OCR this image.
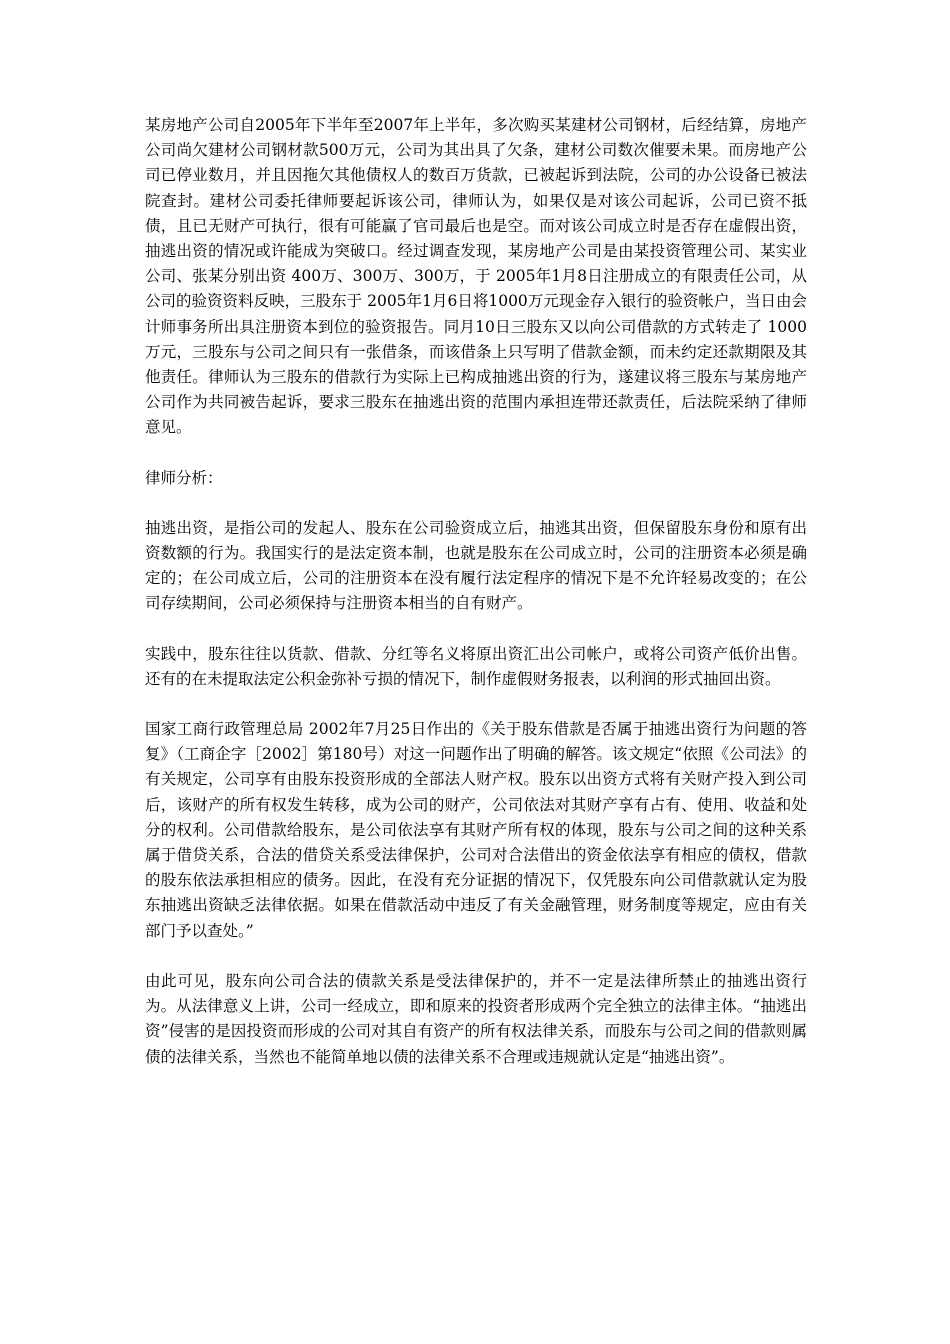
某房地产公司自2005年下半年至2007年上半年，多次购买某建材公司钢材，后经结算，房地产公司尚欠建材公司钢材款500万元，公司为其出具了欠条，建材公司数次催要未果。而房地产公司已停业数月，并且因拖欠其他债权人的数百万货款，已被起诉到法院，公司的办公设备已被法院查封。建材公司委托律师要起诉该公司，律师认为，如果仅是对该公司起诉，公司已资不抵债，且已无财产可执行，很有可能赢了官司最后也是空。而对该公司成立时是否存在虚假出资，抽逃出资的情况或许能成为突破口。经过调查发现，某房地产公司是由某投资管理公司、某实业公司、张某分别出资 400万、300万、300万，于 2005年1月8日注册成立的有限责任公司，从公司的验资资料反映，三股东于 2005年1月6日将1000万元现金存入银行的验资帐户，当日由会计师事务所出具注册资本到位的验资报告。同月10日三股东又以向公司借款的方式转走了 1000万元，三股东与公司之间只有一张借条，而该借条上只写明了借款金额，而未约定还款期限及其他责任。律师认为三股东的借款行为实际上已构成抽逃出资的行为，遂建议将三股东与某房地产公司作为共同被告起诉，要求三股东在抽逃出资的范围内承担连带还款责任，后法院采纳了律师意见。

律师分析：

抽逃出资，是指公司的发起人、股东在公司验资成立后，抽逃其出资，但保留股东身份和原有出资数额的行为。我国实行的是法定资本制，也就是股东在公司成立时，公司的注册资本必须是确定的；在公司成立后，公司的注册资本在没有履行法定程序的情况下是不允许轻易改变的；在公司存续期间，公司必须保持与注册资本相当的自有财产。

实践中，股东往往以货款、借款、分红等名义将原出资汇出公司帐户，或将公司资产低价出售。还有的在未提取法定公积金弥补亏损的情况下，制作虚假财务报表，以利润的形式抽回出资。

国家工商行政管理总局 2002年7月25日作出的《关于股东借款是否属于抽逃出资行为问题的答复》（工商企字［2002］第180号）对这一问题作出了明确的解答。该文规定“依照《公司法》的有关规定，公司享有由股东投资形成的全部法人财产权。股东以出资方式将有关财产投入到公司后，该财产的所有权发生转移，成为公司的财产，公司依法对其财产享有占有、使用、收益和处分的权利。公司借款给股东，是公司依法享有其财产所有权的体现，股东与公司之间的这种关系属于借贷关系，合法的借贷关系受法律保护，公司对合法借出的资金依法享有相应的债权，借款的股东依法承担相应的债务。因此，在没有充分证据的情况下，仅凭股东向公司借款就认定为股东抽逃出资缺乏法律依据。如果在借款活动中违反了有关金融管理，财务制度等规定，应由有关部门予以查处。”

由此可见，股东向公司合法的债款关系是受法律保护的，并不一定是法律所禁止的抽逃出资行为。从法律意义上讲，公司一经成立，即和原来的投资者形成两个完全独立的法律主体。“抽逃出资”侵害的是因投资而形成的公司对其自有资产的所有权法律关系，而股东与公司之间的借款则属债的法律关系，当然也不能简单地以债的法律关系不合理或违规就认定是“抽逃出资”。
